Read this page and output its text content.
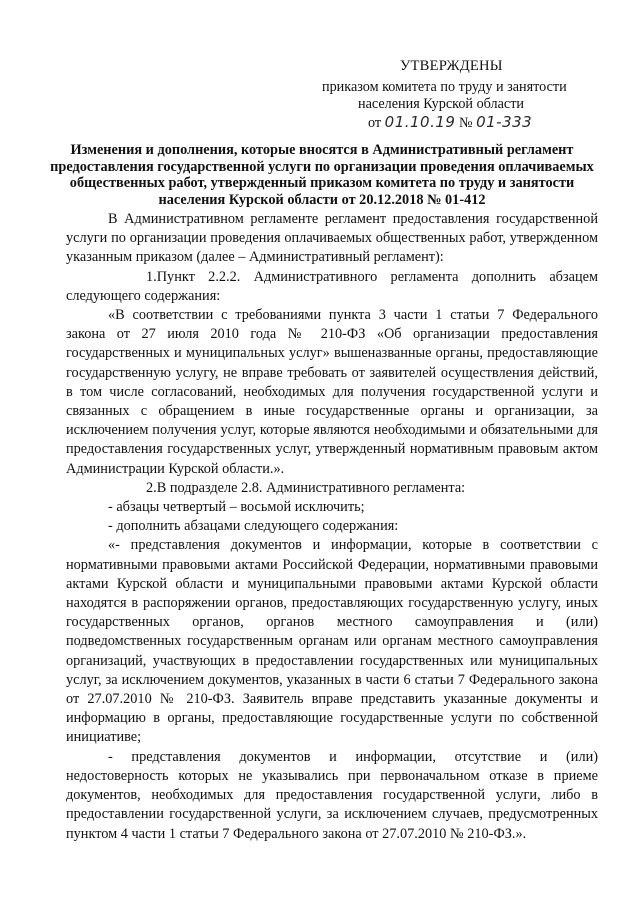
УТВЕРЖДЕНЫ
приказом комитета по труду и занятости
населения Курской области
от 01.10.19 № 01-333
Изменения и дополнения, которые вносятся в Административный регламент предоставления государственной услуги по организации проведения оплачиваемых общественных работ, утвержденный приказом комитета по труду и занятости населения Курской области от 20.12.2018 № 01-412

В Административном регламенте регламент предоставления государственной услуги по организации проведения оплачиваемых общественных работ, утвержденном указанным приказом (далее – Административный регламент):

1.Пункт 2.2.2. Административного регламента дополнить абзацем следующего содержания:

«В соответствии с требованиями пункта 3 части 1 статьи 7 Федерального закона от 27 июля 2010 года № 210-ФЗ «Об организации предоставления государственных и муниципальных услуг» вышеназванные органы, предоставляющие государственную услугу, не вправе требовать от заявителей осуществления действий, в том числе согласований, необходимых для получения государственной услуги и связанных с обращением в иные государственные органы и организации, за исключением получения услуг, которые являются необходимыми и обязательными для предоставления государственных услуг, утвержденный нормативным правовым актом Администрации Курской области.».

2.В подразделе 2.8. Административного регламента:

- абзацы четвертый – восьмой исключить;

- дополнить абзацами следующего содержания:

«- представления документов и информации, которые в соответствии с нормативными правовыми актами Российской Федерации, нормативными правовыми актами Курской области и муниципальными правовыми актами Курской области находятся в распоряжении органов, предоставляющих государственную услугу, иных государственных органов, органов местного самоуправления и (или) подведомственных государственным органам или органам местного самоуправления организаций, участвующих в предоставлении государственных или муниципальных услуг, за исключением документов, указанных в части 6 статьи 7 Федерального закона от 27.07.2010 № 210-ФЗ. Заявитель вправе представить указанные документы и информацию в органы, предоставляющие государственные услуги по собственной инициативе;

- представления документов и информации, отсутствие и (или) недостоверность которых не указывались при первоначальном отказе в приеме документов, необходимых для предоставления государственной услуги, либо в предоставлении государственной услуги, за исключением случаев, предусмотренных пунктом 4 части 1 статьи 7 Федерального закона от 27.07.2010 № 210-ФЗ.».
